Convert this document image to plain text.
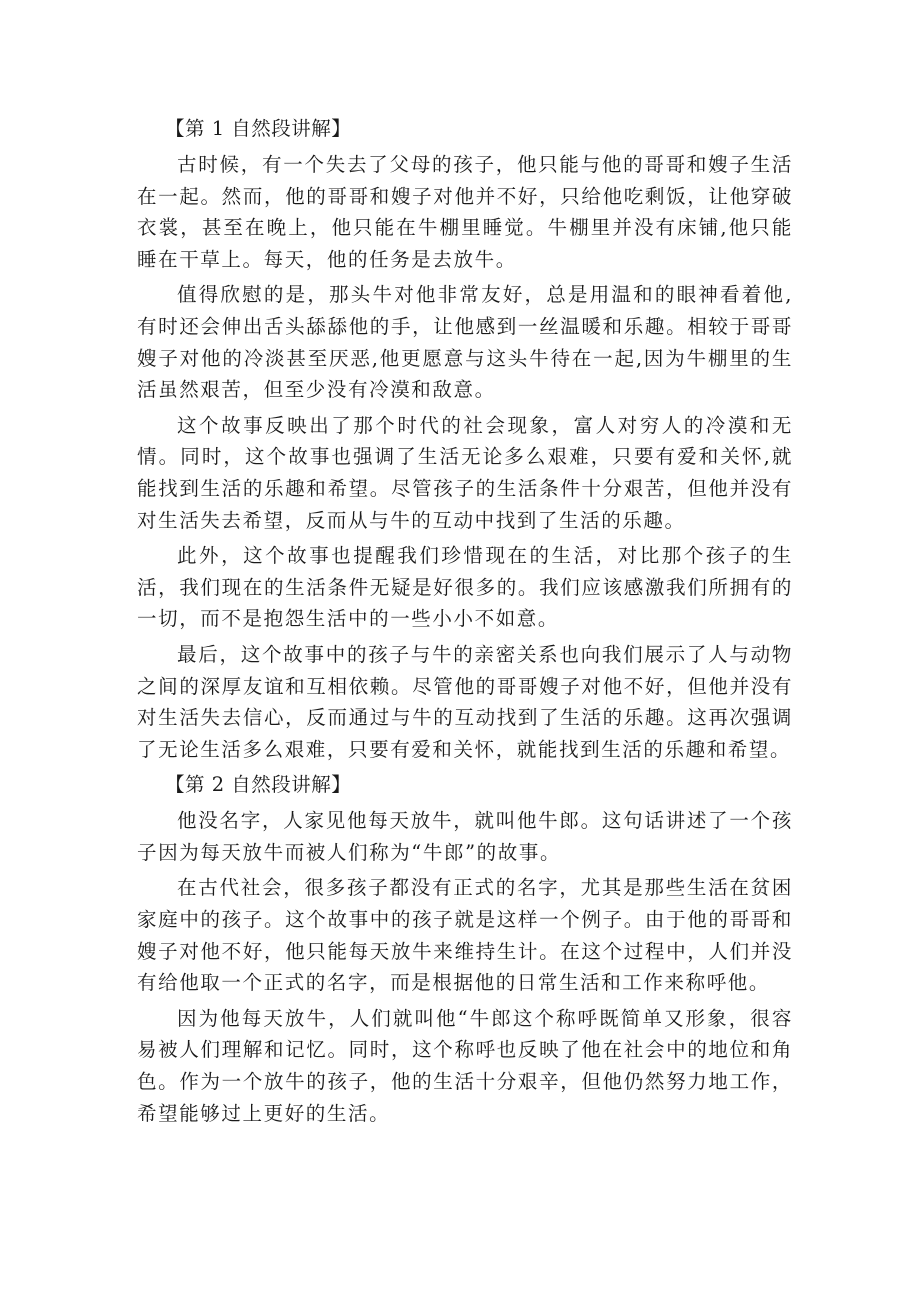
【第 1 自然段讲解】

古时候，有一个失去了父母的孩子，他只能与他的哥哥和嫂子生活在一起。然而，他的哥哥和嫂子对他并不好，只给他吃剩饭，让他穿破衣裳，甚至在晚上，他只能在牛棚里睡觉。牛棚里并没有床铺,他只能睡在干草上。每天，他的任务是去放牛。

值得欣慰的是，那头牛对他非常友好，总是用温和的眼神看着他,有时还会伸出舌头舔舔他的手，让他感到一丝温暖和乐趣。相较于哥哥嫂子对他的冷淡甚至厌恶,他更愿意与这头牛待在一起,因为牛棚里的生活虽然艰苦，但至少没有冷漠和敌意。

这个故事反映出了那个时代的社会现象，富人对穷人的冷漠和无情。同时，这个故事也强调了生活无论多么艰难，只要有爱和关怀,就能找到生活的乐趣和希望。尽管孩子的生活条件十分艰苦，但他并没有对生活失去希望，反而从与牛的互动中找到了生活的乐趣。

此外，这个故事也提醒我们珍惜现在的生活，对比那个孩子的生活，我们现在的生活条件无疑是好很多的。我们应该感激我们所拥有的一切，而不是抱怨生活中的一些小小不如意。

最后，这个故事中的孩子与牛的亲密关系也向我们展示了人与动物之间的深厚友谊和互相依赖。尽管他的哥哥嫂子对他不好，但他并没有对生活失去信心，反而通过与牛的互动找到了生活的乐趣。这再次强调了无论生活多么艰难，只要有爱和关怀，就能找到生活的乐趣和希望。

【第 2 自然段讲解】

他没名字，人家见他每天放牛，就叫他牛郎。这句话讲述了一个孩子因为每天放牛而被人们称为“牛郎”的故事。

在古代社会，很多孩子都没有正式的名字，尤其是那些生活在贫困家庭中的孩子。这个故事中的孩子就是这样一个例子。由于他的哥哥和嫂子对他不好，他只能每天放牛来维持生计。在这个过程中，人们并没有给他取一个正式的名字，而是根据他的日常生活和工作来称呼他。

因为他每天放牛，人们就叫他“牛郎这个称呼既简单又形象，很容易被人们理解和记忆。同时，这个称呼也反映了他在社会中的地位和角色。作为一个放牛的孩子，他的生活十分艰辛，但他仍然努力地工作，希望能够过上更好的生活。
